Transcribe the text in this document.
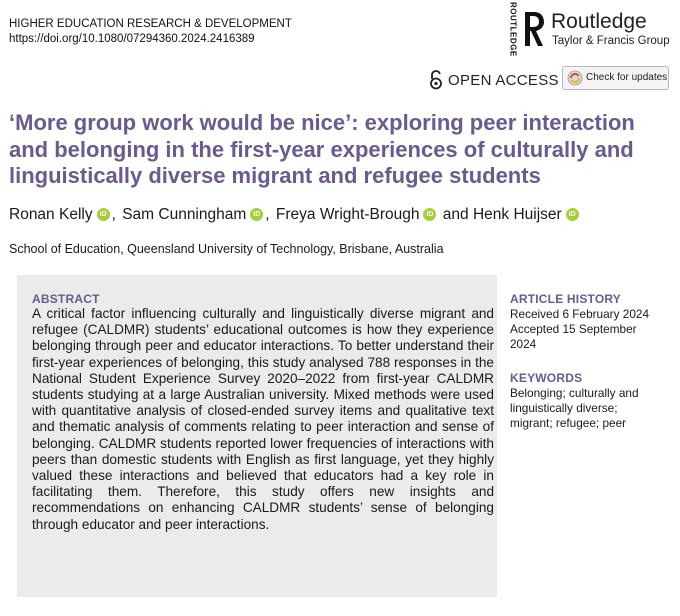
HIGHER EDUCATION RESEARCH & DEVELOPMENT
https://doi.org/10.1080/07294360.2024.2416389	ROUTLEDGE Routledge
Taylor & Francis Group
OPEN ACCESS	Check for updates
‘More group work would be nice’: exploring peer interaction and belonging in the first-year experiences of culturally and linguistically diverse migrant and refugee students
Ronan Kelly iD , Sam Cunningham iD , Freya Wright-Brough iD and Henk Huijser iD
School of Education, Queensland University of Technology, Brisbane, Australia
ABSTRACT

A critical factor influencing culturally and linguistically diverse migrant and refugee (CALDMR) students’ educational outcomes is how they experience belonging through peer and educator interactions. To better understand their first-year experiences of belonging, this study analysed 788 responses in the National Student Experience Survey 2020–2022 from first-year CALDMR students studying at a large Australian university. Mixed methods were used with quantitative analysis of closed-ended survey items and qualitative text and thematic analysis of comments relating to peer interaction and sense of belonging. CALDMR students reported lower frequencies of interactions with peers than domestic students with English as first language, yet they highly valued these interactions and believed that educators had a key role in facilitating them. Therefore, this study offers new insights and recommendations on enhancing CALDMR students’ sense of belonging through educator and peer interactions.

ARTICLE HISTORY
Received 6 February 2024
Accepted 15 September
2024
KEYWORDS
Belonging; culturally and
linguistically diverse;
migrant; refugee; peer
